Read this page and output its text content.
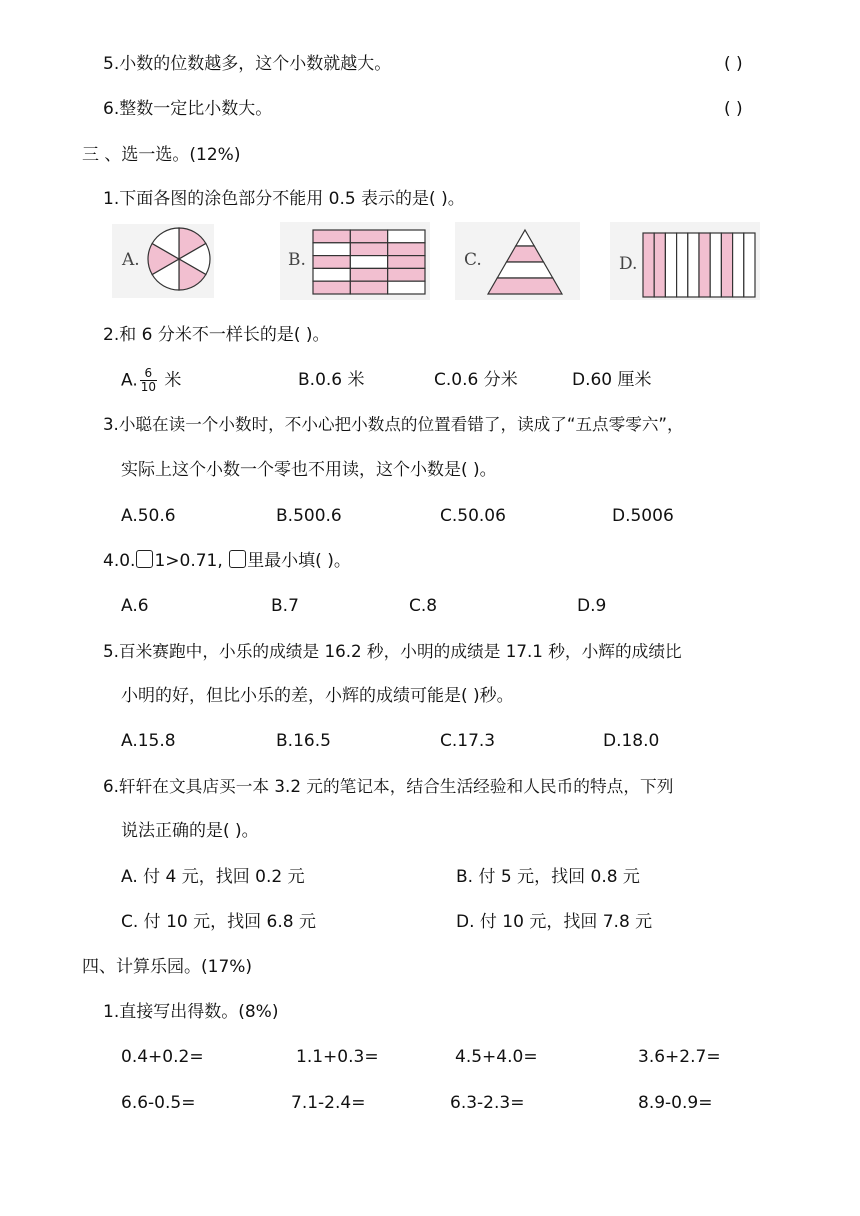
5.小数的位数越多，这个小数就越大。	( )
6.整数一定比小数大。	( )
三 、选一选。(12%)
1.下面各图的涂色部分不能用 0.5 表示的是( )。
A.	B.	C.	D.
2.和 6 分米不一样长的是( )。
A. $\frac{6}{10}$ 米	B.0.6 米	C.0.6 分米	D.60 厘米
3.小聪在读一个小数时，不小心把小数点的位置看错了，读成了“五点零零六”，
实际上这个小数一个零也不用读，这个小数是( )。
A.50.6	B.500.6	C.50.06	D.5006
4.0. 1>0.71, 里最小填( )。
A.6	B.7	C.8	D.9
5.百米赛跑中，小乐的成绩是 16.2 秒，小明的成绩是 17.1 秒，小辉的成绩比
小明的好，但比小乐的差，小辉的成绩可能是( )秒。
A.15.8	B.16.5	C.17.3	D.18.0
6.轩轩在文具店买一本 3.2 元的笔记本，结合生活经验和人民币的特点，下列
说法正确的是( )。
A. 付 4 元，找回 0.2 元	B. 付 5 元，找回 0.8 元
C. 付 10 元，找回 6.8 元	D. 付 10 元，找回 7.8 元
四、计算乐园。(17%)
1.直接写出得数。(8%)
0.4+0.2=	1.1+0.3=	4.5+4.0=	3.6+2.7=
6.6-0.5=	7.1-2.4=	6.3-2.3=	8.9-0.9=
